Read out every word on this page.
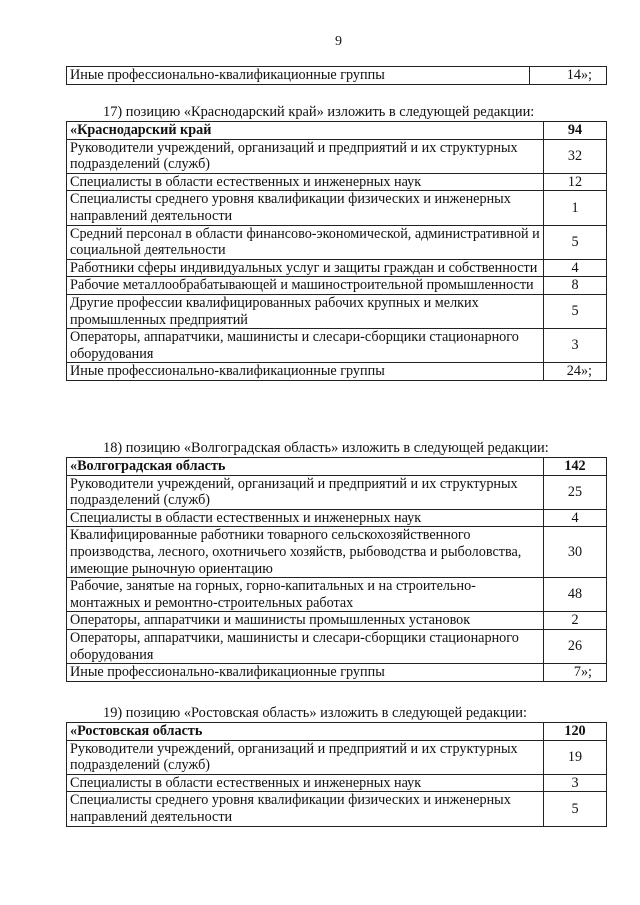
9
Иные профессионально-квалификационные группы	14»;
17) позицию «Краснодарский край» изложить в следующей редакции:
«Краснодарский край	94
Руководители учреждений, организаций и предприятий и их структурных подразделений (служб)	32
Специалисты в области естественных и инженерных наук	12
Специалисты среднего уровня квалификации физических и инженерных направлений деятельности	1
Средний персонал в области финансово-экономической, административной и социальной деятельности	5
Работники сферы индивидуальных услуг и защиты граждан и собственности	4
Рабочие металлообрабатывающей и машиностроительной промышленности	8
Другие профессии квалифицированных рабочих крупных и мелких промышленных предприятий	5
Операторы, аппаратчики, машинисты и слесари-сборщики стационарного оборудования	3
Иные профессионально-квалификационные группы	24»;
18) позицию «Волгоградская область» изложить в следующей редакции:
«Волгоградская область	142
Руководители учреждений, организаций и предприятий и их структурных подразделений (служб)	25
Специалисты в области естественных и инженерных наук	4
Квалифицированные работники товарного сельскохозяйственного производства, лесного, охотничьего хозяйств, рыбоводства и рыболовства, имеющие рыночную ориентацию	30
Рабочие, занятые на горных, горно-капитальных и на строительно-монтажных и ремонтно-строительных работах	48
Операторы, аппаратчики и машинисты промышленных установок	2
Операторы, аппаратчики, машинисты и слесари-сборщики стационарного оборудования	26
Иные профессионально-квалификационные группы	7»;
19) позицию «Ростовская область» изложить в следующей редакции:
«Ростовская область	120
Руководители учреждений, организаций и предприятий и их структурных подразделений (служб)	19
Специалисты в области естественных и инженерных наук	3
Специалисты среднего уровня квалификации физических и инженерных направлений деятельности	5
